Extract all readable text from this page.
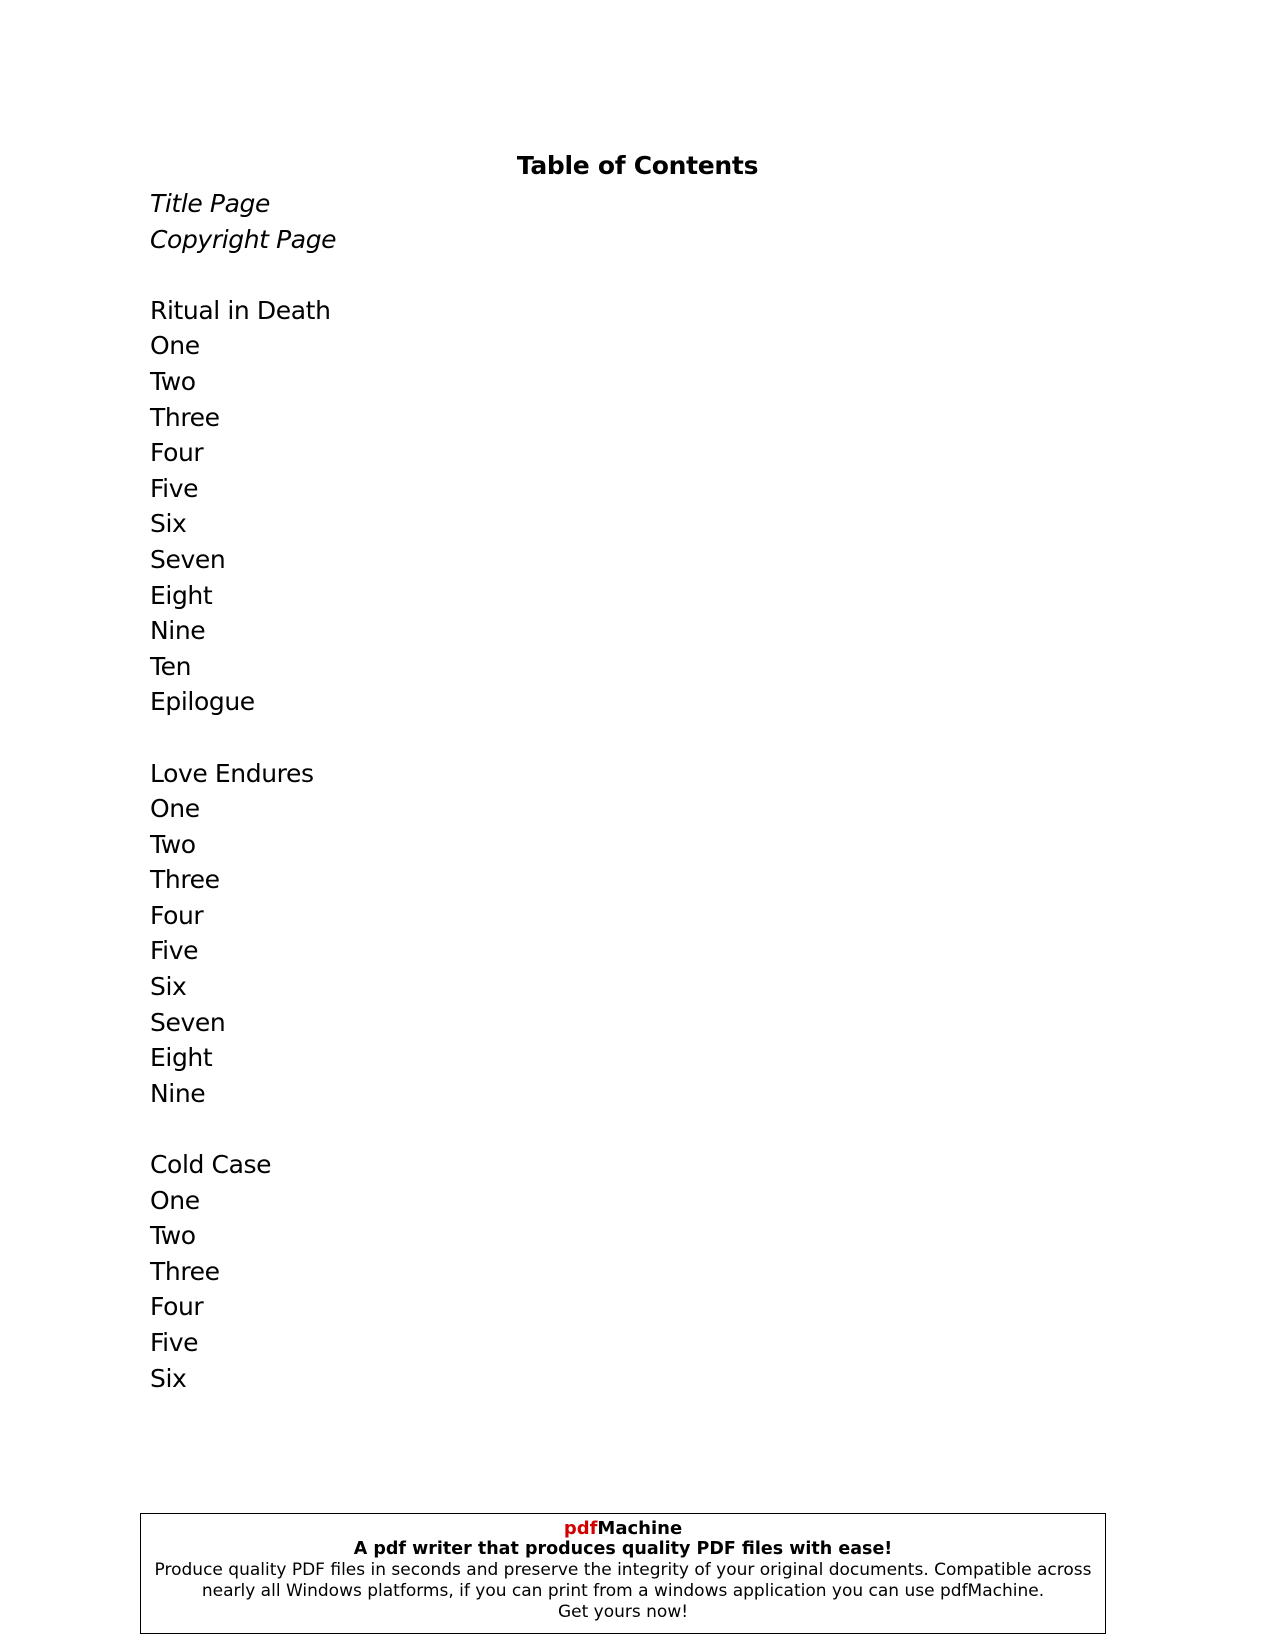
Table of Contents
Title Page
Copyright Page
Ritual in Death
One
Two
Three
Four
Five
Six
Seven
Eight
Nine
Ten
Epilogue
Love Endures
One
Two
Three
Four
Five
Six
Seven
Eight
Nine
Cold Case
One
Two
Three
Four
Five
Six
pdfMachine
A pdf writer that produces quality PDF files with ease!
Produce quality PDF files in seconds and preserve the integrity of your original documents. Compatible across
nearly all Windows platforms, if you can print from a windows application you can use pdfMachine.
Get yours now!
